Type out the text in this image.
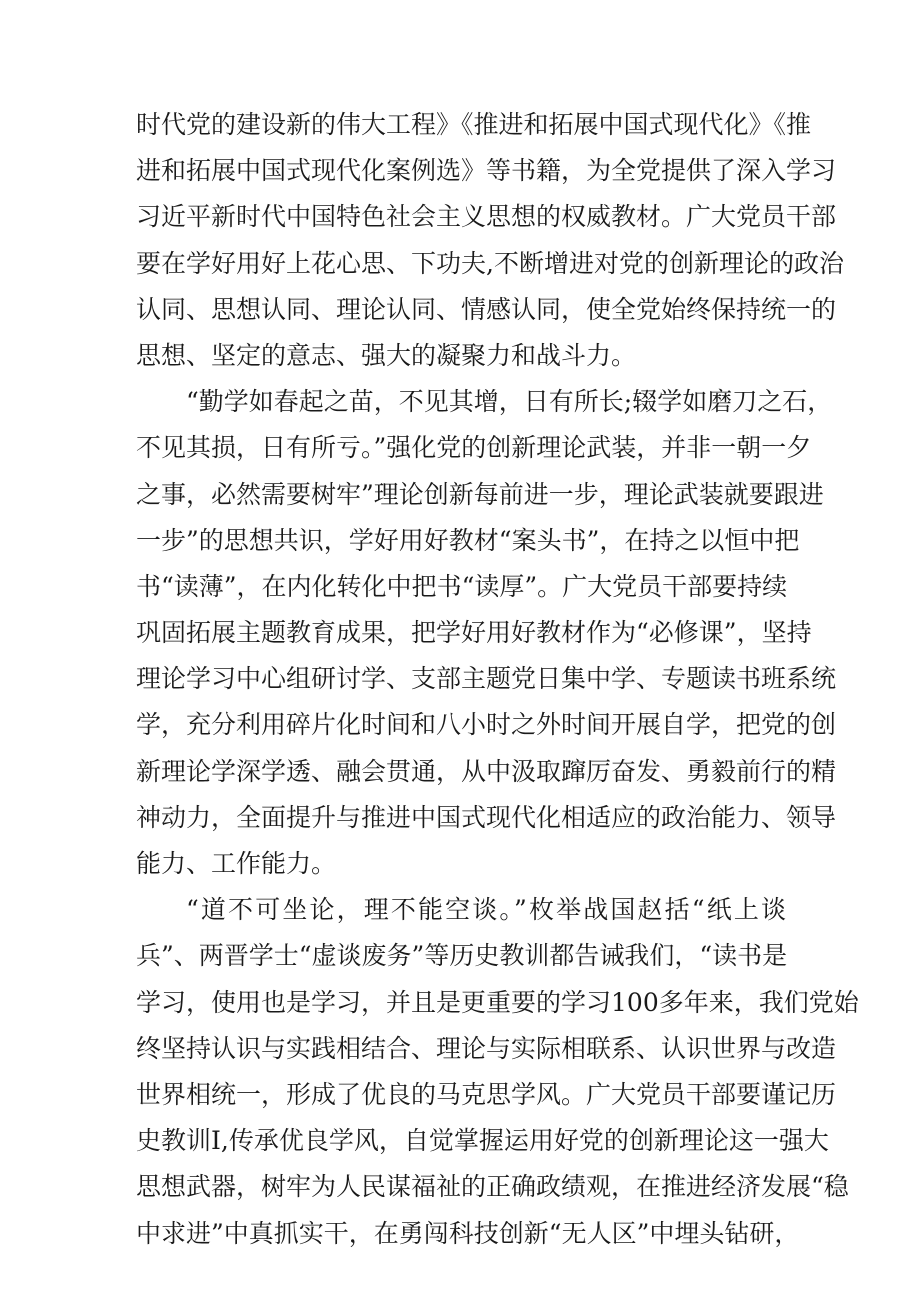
时代党的建设新的伟大工程》《推进和拓展中国式现代化》《推
进和拓展中国式现代化案例选》等书籍，为全党提供了深入学习
习近平新时代中国特色社会主义思想的权威教材。广大党员干部
要在学好用好上花心思、下功夫,不断增进对党的创新理论的政治
认同、思想认同、理论认同、情感认同，使全党始终保持统一的
思想、坚定的意志、强大的凝聚力和战斗力。
“勤学如春起之苗，不见其增，日有所长;辍学如磨刀之石，
不见其损，日有所亏。”强化党的创新理论武装，并非一朝一夕
之事，必然需要树牢”理论创新每前进一步，理论武装就要跟进
一步”的思想共识，学好用好教材“案头书”，在持之以恒中把
书“读薄”，在内化转化中把书“读厚”。广大党员干部要持续
巩固拓展主题教育成果，把学好用好教材作为“必修课”，坚持
理论学习中心组研讨学、支部主题党日集中学、专题读书班系统
学，充分利用碎片化时间和八小时之外时间开展自学，把党的创
新理论学深学透、融会贯通，从中汲取蹿厉奋发、勇毅前行的精
神动力，全面提升与推进中国式现代化相适应的政治能力、领导
能力、工作能力。
“道不可坐论，理不能空谈。”枚举战国赵括“纸上谈
兵”、两晋学士“虚谈废务”等历史教训都告诫我们，“读书是
学习，使用也是学习，并且是更重要的学习100多年来，我们党始
终坚持认识与实践相结合、理论与实际相联系、认识世界与改造
世界相统一，形成了优良的马克思学风。广大党员干部要谨记历
史教训I,传承优良学风，自觉掌握运用好党的创新理论这一强大
思想武器，树牢为人民谋福祉的正确政绩观，在推进经济发展“稳
中求进”中真抓实干，在勇闯科技创新“无人区”中埋头钻研，
